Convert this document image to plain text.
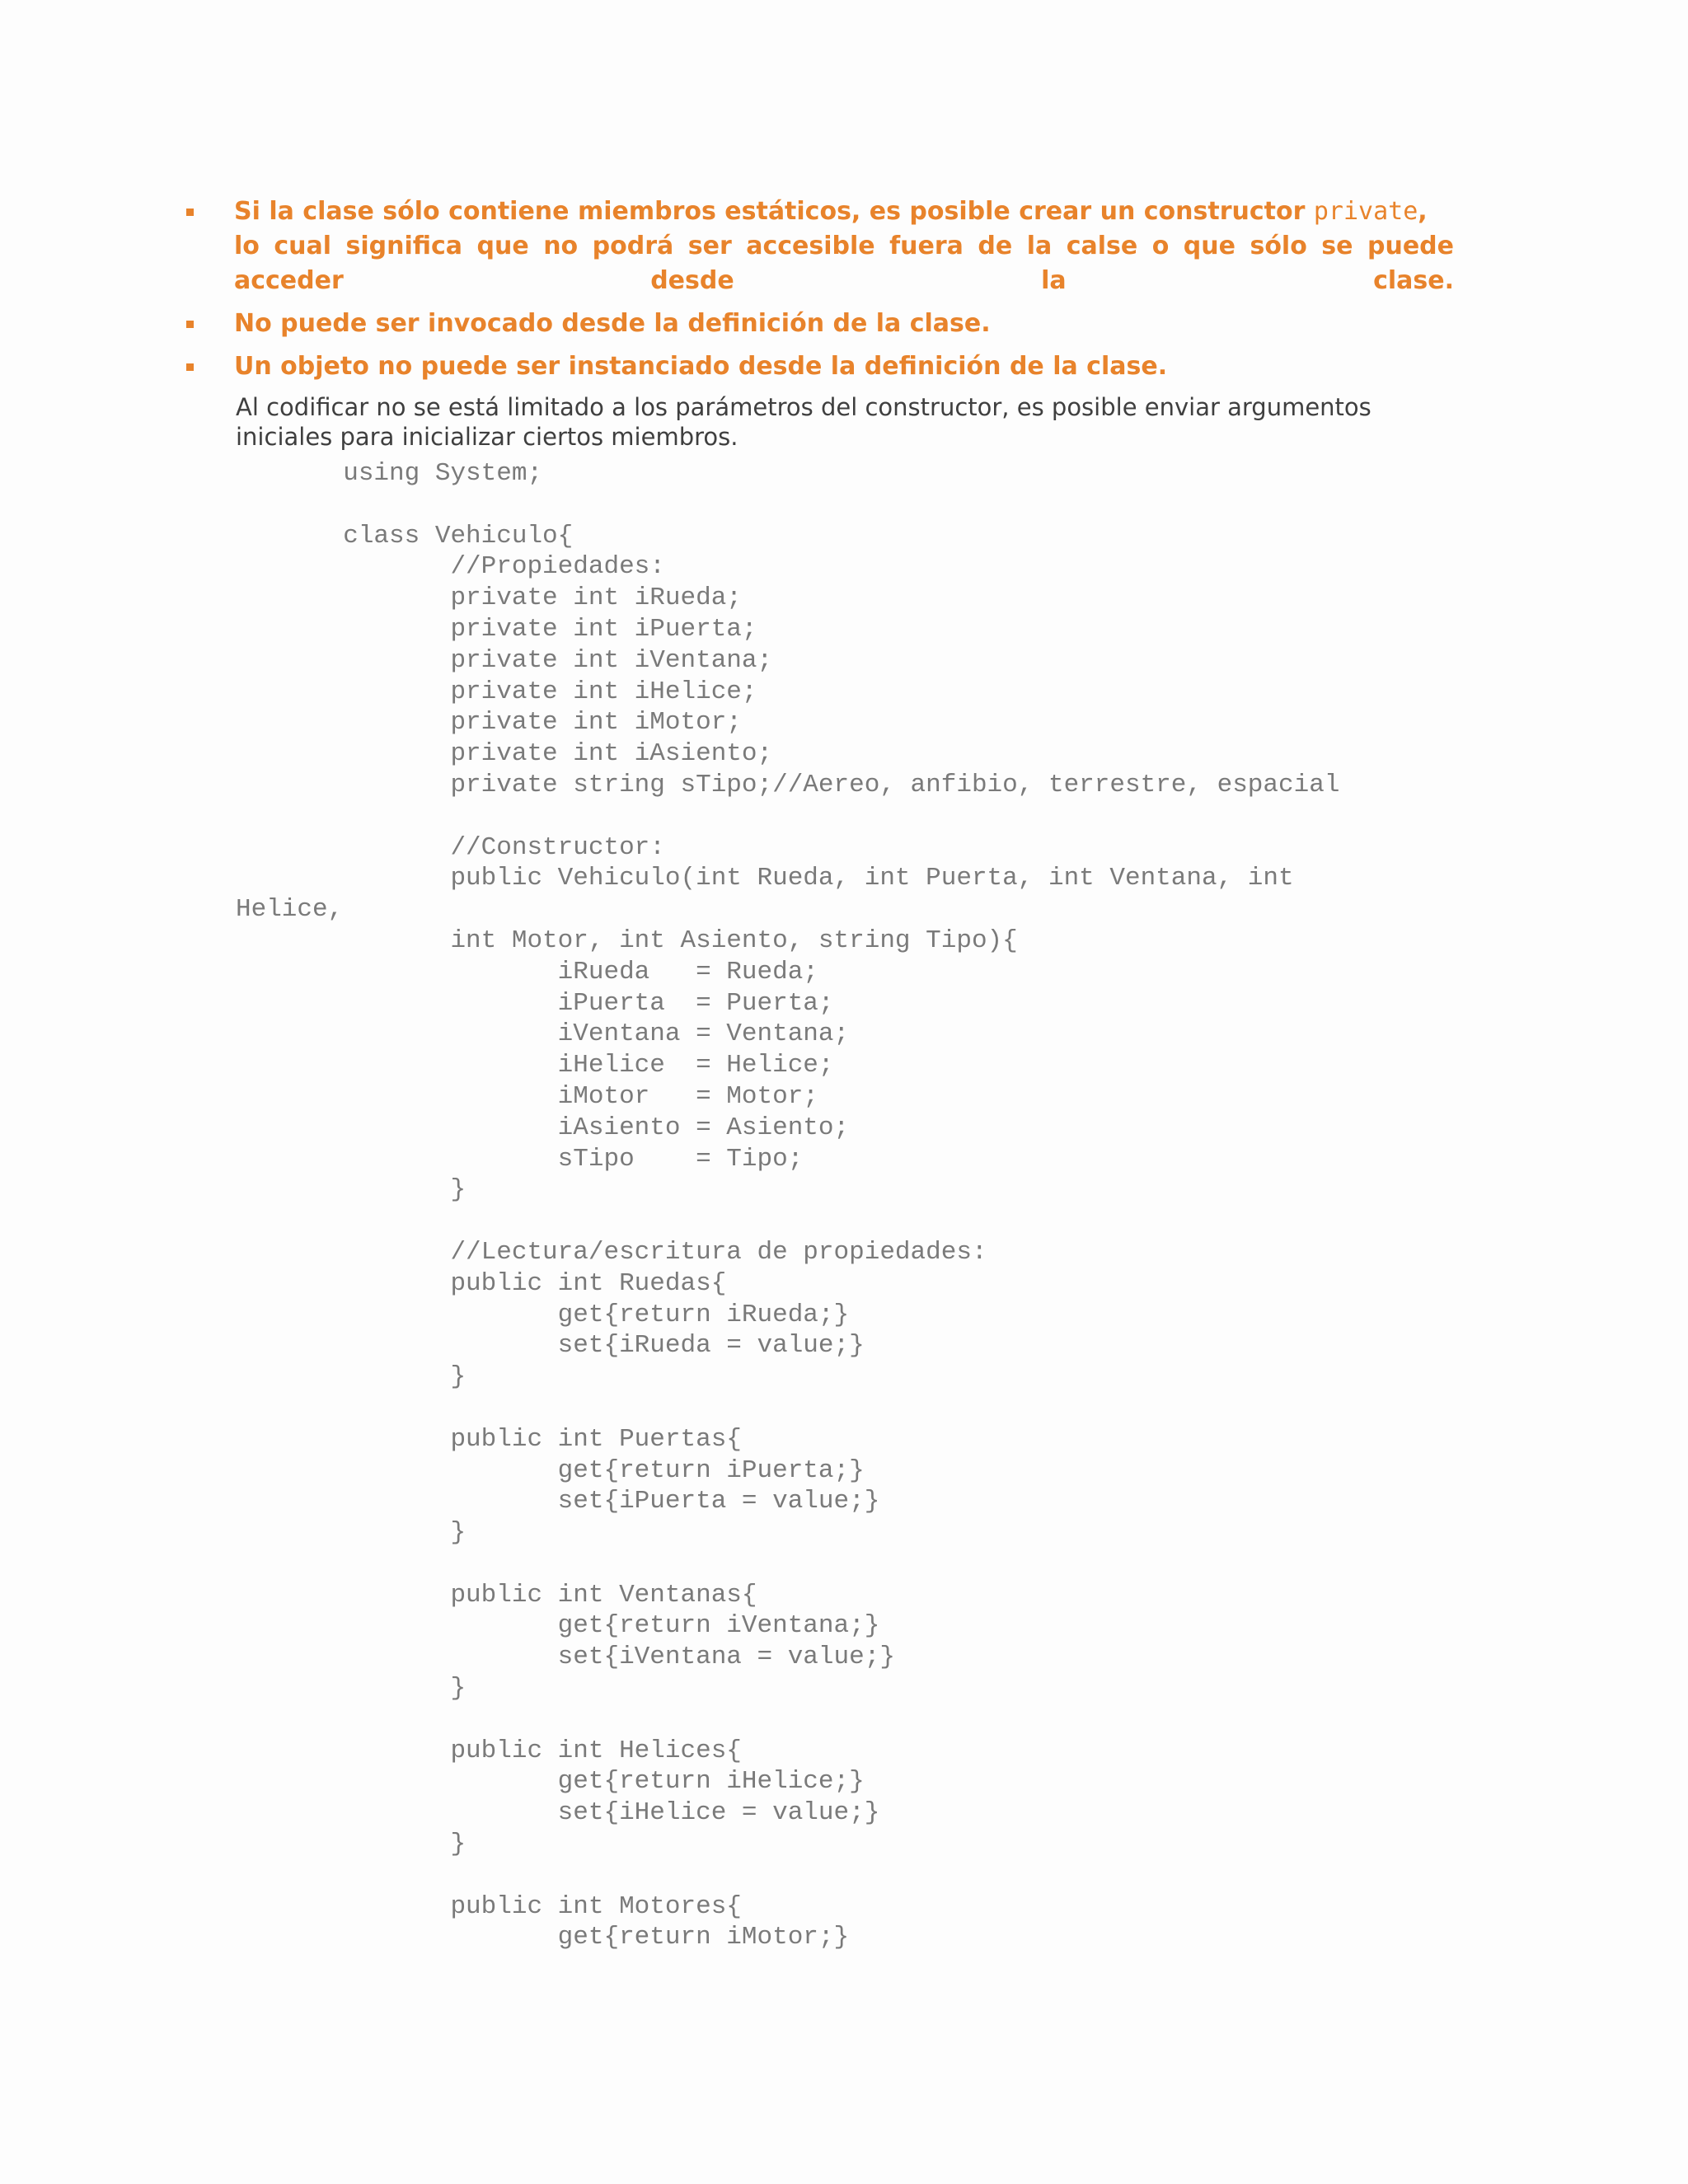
Si la clase sólo contiene miembros estáticos, es posible crear un constructor private,
lo cual significa que no podrá ser accesible fuera de la calse o que sólo se puede acceder desde la clase.
No puede ser invocado desde la definición de la clase.
Un objeto no puede ser instanciado desde la definición de la clase.

Al codificar no se está limitado a los parámetros del constructor, es posible enviar argumentos iniciales para inicializar ciertos miembros.

using System;

class Vehiculo{
//Propiedades:
private int iRueda;
private int iPuerta;
private int iVentana;
private int iHelice;
private int iMotor;
private int iAsiento;
private string sTipo;//Aereo, anfibio, terrestre, espacial

//Constructor:
public Vehiculo(int Rueda, int Puerta, int Ventana, int
Helice,
int Motor, int Asiento, string Tipo){
iRueda   = Rueda;
iPuerta  = Puerta;
iVentana = Ventana;
iHelice  = Helice;
iMotor   = Motor;
iAsiento = Asiento;
sTipo    = Tipo;
}

//Lectura/escritura de propiedades:
public int Ruedas{
get{return iRueda;}
set{iRueda = value;}
}

public int Puertas{
get{return iPuerta;}
set{iPuerta = value;}
}

public int Ventanas{
get{return iVentana;}
set{iVentana = value;}
}

public int Helices{
get{return iHelice;}
set{iHelice = value;}
}

public int Motores{
get{return iMotor;}
